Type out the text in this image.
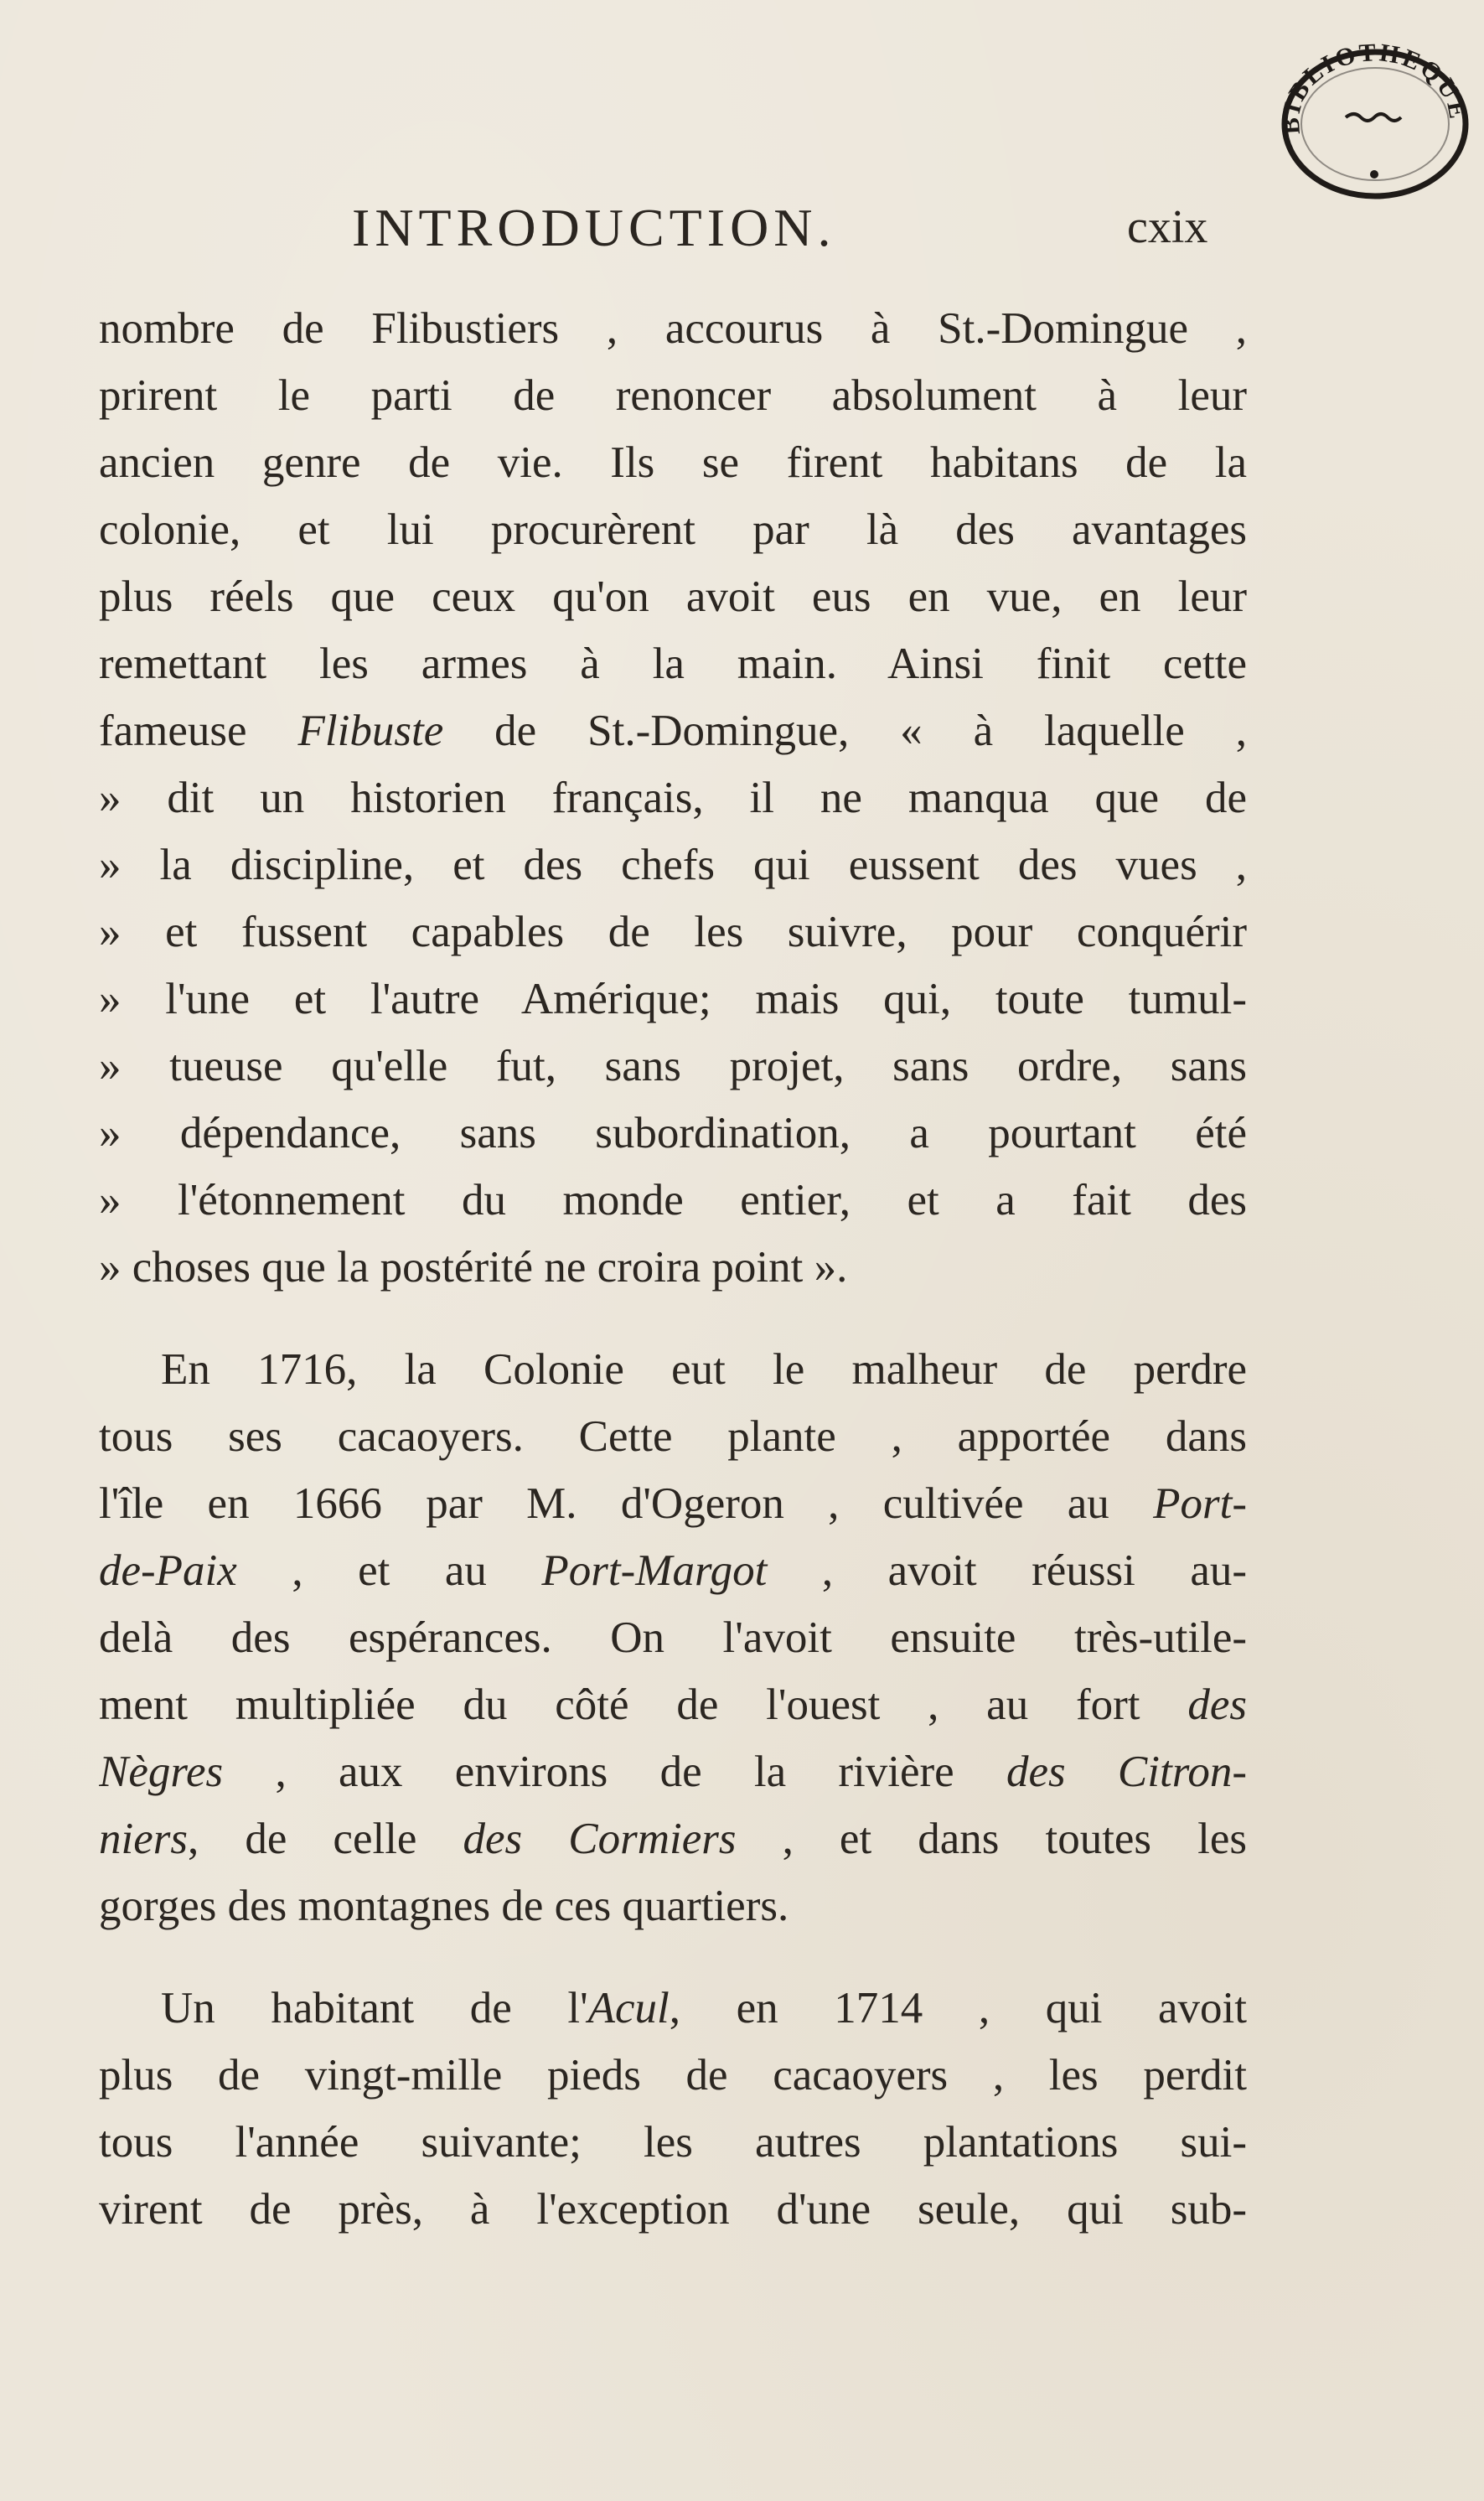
BIBLIOTHEQUE
INTRODUCTION.	cxix
nombre de Flibustiers , accourus à St.-Domingue ,
prirent le parti de renoncer absolument à leur
ancien genre de vie. Ils se firent habitans de la
colonie, et lui procurèrent par là des avantages
plus réels que ceux qu'on avoit eus en vue, en leur
remettant les armes à la main. Ainsi finit cette
fameuse Flibuste de St.-Domingue, « à laquelle ,
» dit un historien français, il ne manqua que de
» la discipline, et des chefs qui eussent des vues ,
» et fussent capables de les suivre, pour conquérir
» l'une et l'autre Amérique; mais qui, toute tumul-
» tueuse qu'elle fut, sans projet, sans ordre, sans
» dépendance, sans subordination, a pourtant été
» l'étonnement du monde entier, et a fait des
» choses que la postérité ne croira point ».
En 1716, la Colonie eut le malheur de perdre
tous ses cacaoyers. Cette plante , apportée dans
l'île en 1666 par M. d'Ogeron , cultivée au Port-
de-Paix , et au Port-Margot , avoit réussi au-
delà des espérances. On l'avoit ensuite très-utile-
ment multipliée du côté de l'ouest , au fort des
Nègres , aux environs de la rivière des Citron-
niers, de celle des Cormiers , et dans toutes les
gorges des montagnes de ces quartiers.
Un habitant de l'Acul, en 1714 , qui avoit
plus de vingt-mille pieds de cacaoyers , les perdit
tous l'année suivante; les autres plantations sui-
virent de près, à l'exception d'une seule, qui sub-
